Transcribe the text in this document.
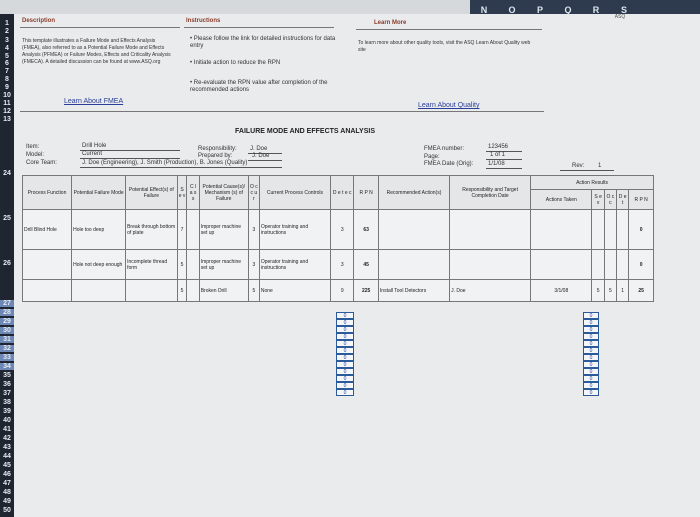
N O P Q R S
1
2
3
4
5
6
7
8
9
10
11
12
13
24
25
26
27
28
29
30
31
32
33
34
35
36
37
38
39
40
41
42
43
44
45
46
47
48
49
50
Description	Instructions	Learn More
ASQ
This template illustrates a Failure Mode and Effects Analysis (FMEA), also referred to as a Potential Failure Mode and Effects Analysis (PFMEA) or Failure Modes, Effects and Criticality Analysis (FMECA). A detailed discussion can be found at www.ASQ.org
• Please follow the link for detailed instructions for data entry
• Initiate action to reduce the RPN
• Re-evaluate the RPN value after completion of the recommended actions
To learn more about other quality tools, visit the ASQ Learn About Quality web site
Learn About FMEA
Learn About Quality
FAILURE MODE AND EFFECTS ANALYSIS
Item:	Drill Hole
Model:	Current
Core Team:	J. Doe (Engineering), J. Smith (Production), B. Jones (Quality)
Responsibility: J. Doe
Prepared by:	J. Doe
FMEA number:	123456
Page:	1 of 1
FMEA Date (Orig): 1/1/08	Rev: 1
Process Function	Potential Failure Mode	Potential Effect(s) of Failure	S e v	C l a s s	Potential Cause(s)/ Mechanism (s) of Failure	O c c u r	Current Process Controls	D e t e c	R P N	Recommended Action(s)	Responsibility and Target Completion Date	Action Results				
												Actions Taken	S e v	O c c	D e t	R P N
Drill Blind Hole	Hole too deep	Break through bottom of plate	7		Improper machine set up	3	Operator training and instructions	3	63							0
	Hole not deep enough	Incomplete thread form	5		Improper machine set up	3	Operator training and instructions	3	45							0
			5		Broken Drill	5	None	9	225	Install Tool Detectors	J. Doe	3/1/08	5	5	1	25
0
0
0
0
0
0
0
0
0
0
0
0
0
0
0
0
0
0
0
0
0
0
0
0
